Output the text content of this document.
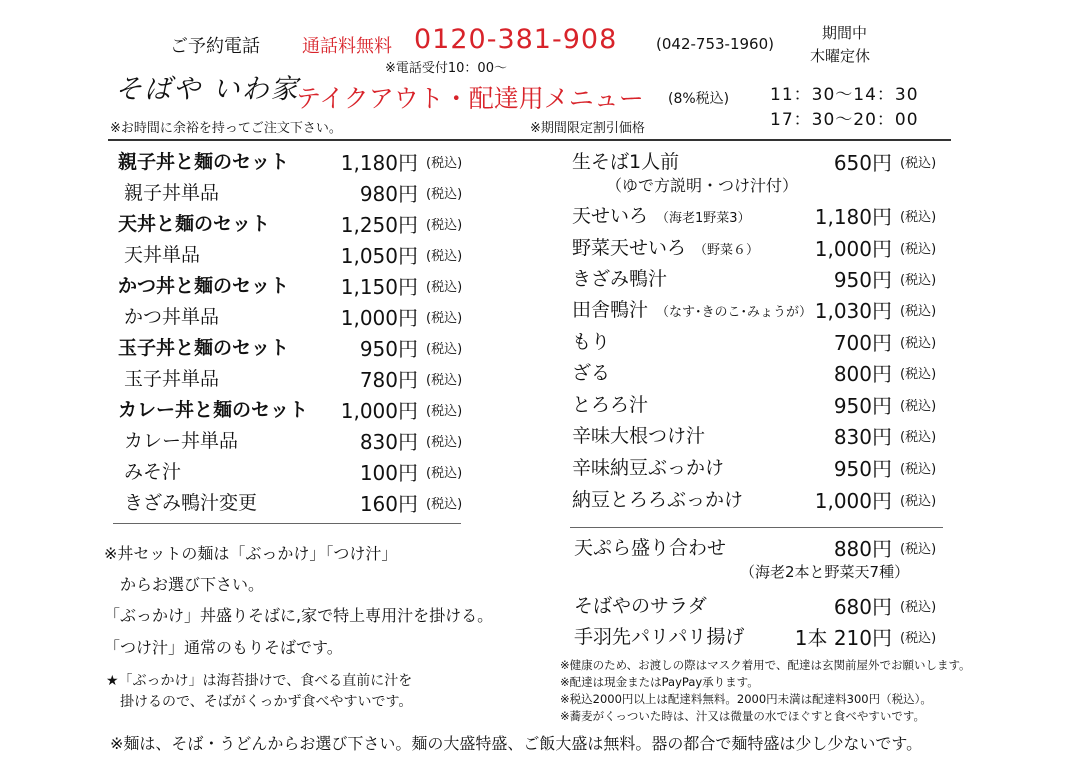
ご予約電話 通話料無料 0120-381-908	(042-753-1960)
※電話受付10：00～
そばや いわ家
テイクアウト・配達用メニュー (8%税込)
期間中
木曜定休
11：30～14：30
17：30～20：00
※お時間に余裕を持ってご注文下さい。	※期間限定割引価格
親子丼と麺のセット	1,180円 (税込)
親子丼単品	980円 (税込)
天丼と麺のセット	1,250円 (税込)
天丼単品	1,050円 (税込)
かつ丼と麺のセット	1,150円 (税込)
かつ丼単品	1,000円 (税込)
玉子丼と麺のセット	950円 (税込)
玉子丼単品	780円 (税込)
カレー丼と麺のセット 1,000円 (税込)
カレー丼単品	830円 (税込)
みそ汁	100円 (税込)
きざみ鴨汁変更	160円 (税込)
生そば1人前	650円 (税込)
（ゆで方説明・つけ汁付）
天せいろ （海老1野菜3）	1,180円 (税込)
野菜天せいろ （野菜６）	1,000円 (税込)
きざみ鴨汁	950円 (税込)
田舎鴨汁 （なす･きのこ･みょうが） 1,030円 (税込)
もり	700円 (税込)
ざる	800円 (税込)
とろろ汁	950円 (税込)
辛味大根つけ汁	830円 (税込)
辛味納豆ぶっかけ	950円 (税込)
納豆とろろぶっかけ	1,000円 (税込)
天ぷら盛り合わせ	880円 (税込)
（海老2本と野菜天7種）
そばやのサラダ	680円 (税込)
手羽先パリパリ揚げ	1本 210円 (税込)
※丼セットの麺は「ぶっかけ」「つけ汁」
　からお選び下さい。
「ぶっかけ」丼盛りそばに,家で特上専用汁を掛ける。
「つけ汁」通常のもりそばです。
★「ぶっかけ」は海苔掛けで、食べる直前に汁を
　掛けるので、そばがくっかず食べやすいです。
※健康のため、お渡しの際はマスク着用で、配達は玄関前屋外でお願いします。
※配達は現金またはPayPay承ります。
※税込2000円以上は配達料無料。2000円未満は配達料300円（税込）。
※蕎麦がくっついた時は、汁又は微量の水でほぐすと食べやすいです。
※麺は、そば・うどんからお選び下さい。麺の大盛特盛、ご飯大盛は無料。器の都合で麺特盛は少し少ないです。
